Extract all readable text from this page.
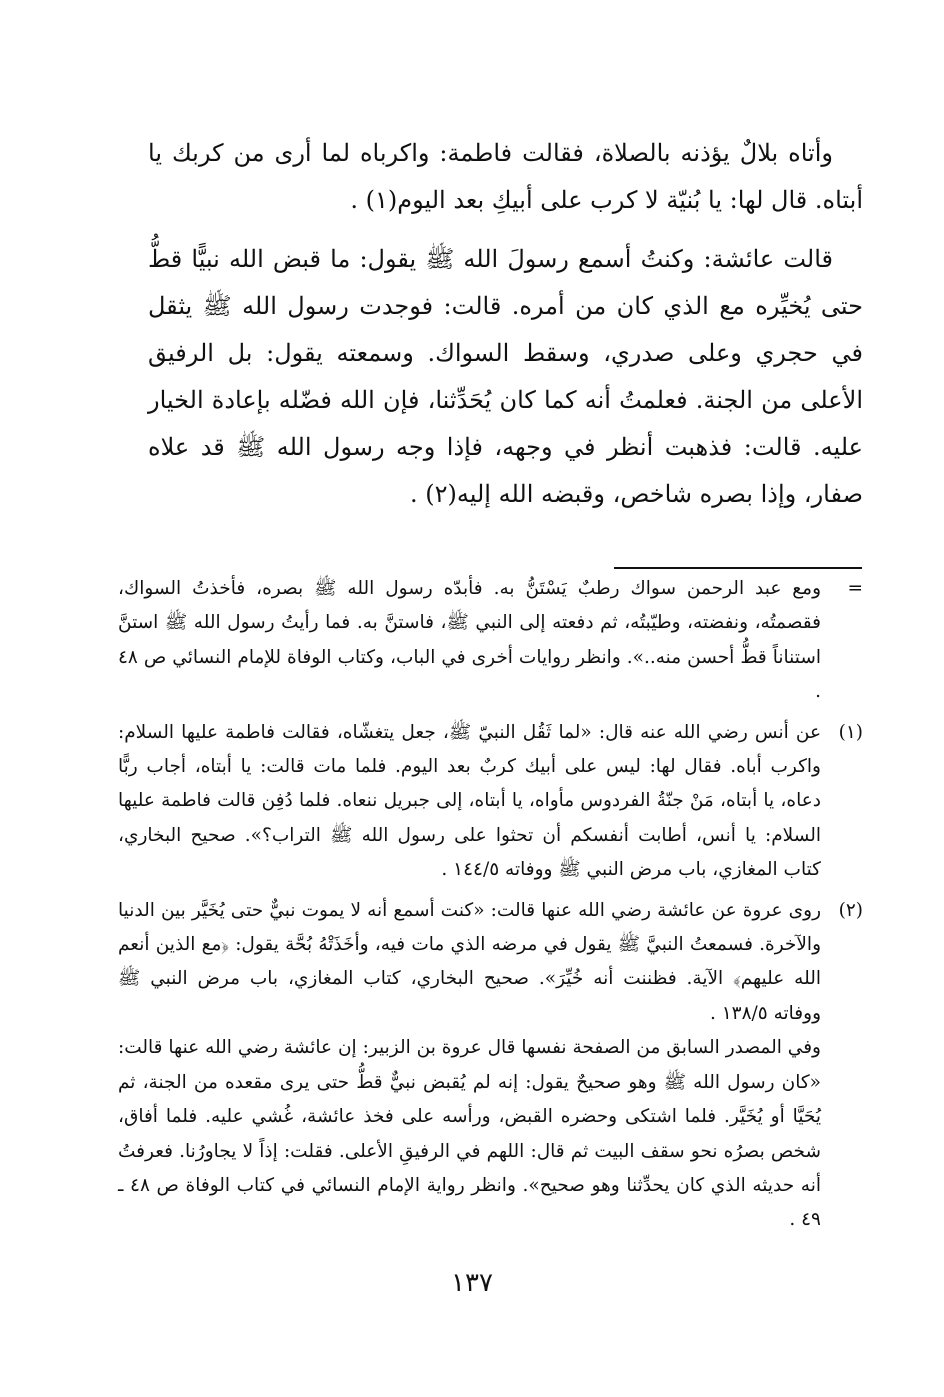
وأتاه بلالٌ يؤذنه بالصلاة، فقالت فاطمة: واكرباه لما أرى من كربك يا أبتاه. قال لها: يا بُنيّة لا كرب على أبيكِ بعد اليوم(١) .

قالت عائشة: وكنتُ أسمع رسولَ الله ﷺ يقول: ما قبض الله نبيًّا قطُّ حتى يُخيِّره مع الذي كان من أمره. قالت: فوجدت رسول الله ﷺ يثقل في حجري وعلى صدري، وسقط السواك. وسمعته يقول: بل الرفيق الأعلى من الجنة. فعلمتُ أنه كما كان يُحَدِّثنا، فإن الله فضّله بإعادة الخيار عليه. قالت: فذهبت أنظر في وجهه، فإذا وجه رسول الله ﷺ قد علاه صفار، وإذا بصره شاخص، وقبضه الله إليه(٢) .

=

ومع عبد الرحمن سواك رطبٌ يَسْتَنُّ به. فأبدّه رسول الله ﷺ بصره، فأخذتُ السواك، فقصمتُه، ونفضته، وطيّبتُه، ثم دفعته إلى النبي ﷺ، فاستنَّ به. فما رأيتُ رسول الله ﷺ استنَّ استناناً قطُّ أحسن منه..». وانظر روايات أخرى في الباب، وكتاب الوفاة للإمام النسائي ص ٤٨ .

(١)

عن أنس رضي الله عنه قال: «لما ثَقُل النبيّ ﷺ، جعل يتغشّاه، فقالت فاطمة عليها السلام: واكرب أباه. فقال لها: ليس على أبيك كربٌ بعد اليوم. فلما مات قالت: يا أبتاه، أجاب ربًّا دعاه، يا أبتاه، مَنْ جنّةُ الفردوس مأواه، يا أبتاه، إلى جبريل ننعاه. فلما دُفِن قالت فاطمة عليها السلام: يا أنس، أطابت أنفسكم أن تحثوا على رسول الله ﷺ التراب؟». صحيح البخاري، كتاب المغازي، باب مرض النبي ﷺ ووفاته ١٤٤/٥ .

(٢)

روى عروة عن عائشة رضي الله عنها قالت: «كنت أسمع أنه لا يموت نبيٌّ حتى يُخَيَّر بين الدنيا والآخرة. فسمعتُ النبيَّ ﷺ يقول في مرضه الذي مات فيه، وأخَذَتْهُ بُحَّة يقول: ﴿مع الذين أنعم الله عليهم﴾ الآية. فظننت أنه خُيِّرَ». صحيح البخاري، كتاب المغازي، باب مرض النبي ﷺ ووفاته ١٣٨/٥ .

وفي المصدر السابق من الصفحة نفسها قال عروة بن الزبير: إن عائشة رضي الله عنها قالت: «كان رسول الله ﷺ وهو صحيحٌ يقول: إنه لم يُقبض نبيٌّ قطُّ حتى يرى مقعده من الجنة، ثم يُحَيَّا أو يُخَيَّر. فلما اشتكى وحضره القبض، ورأسه على فخذ عائشة، غُشي عليه. فلما أفاق، شخص بصرُه نحو سقف البيت ثم قال: اللهم في الرفيقِ الأعلى. فقلت: إذاً لا يجاورُنا. فعرفتُ أنه حديثه الذي كان يحدِّثنا وهو صحيح». وانظر رواية الإمام النسائي في كتاب الوفاة ص ٤٨ ـ ٤٩ .

١٣٧
